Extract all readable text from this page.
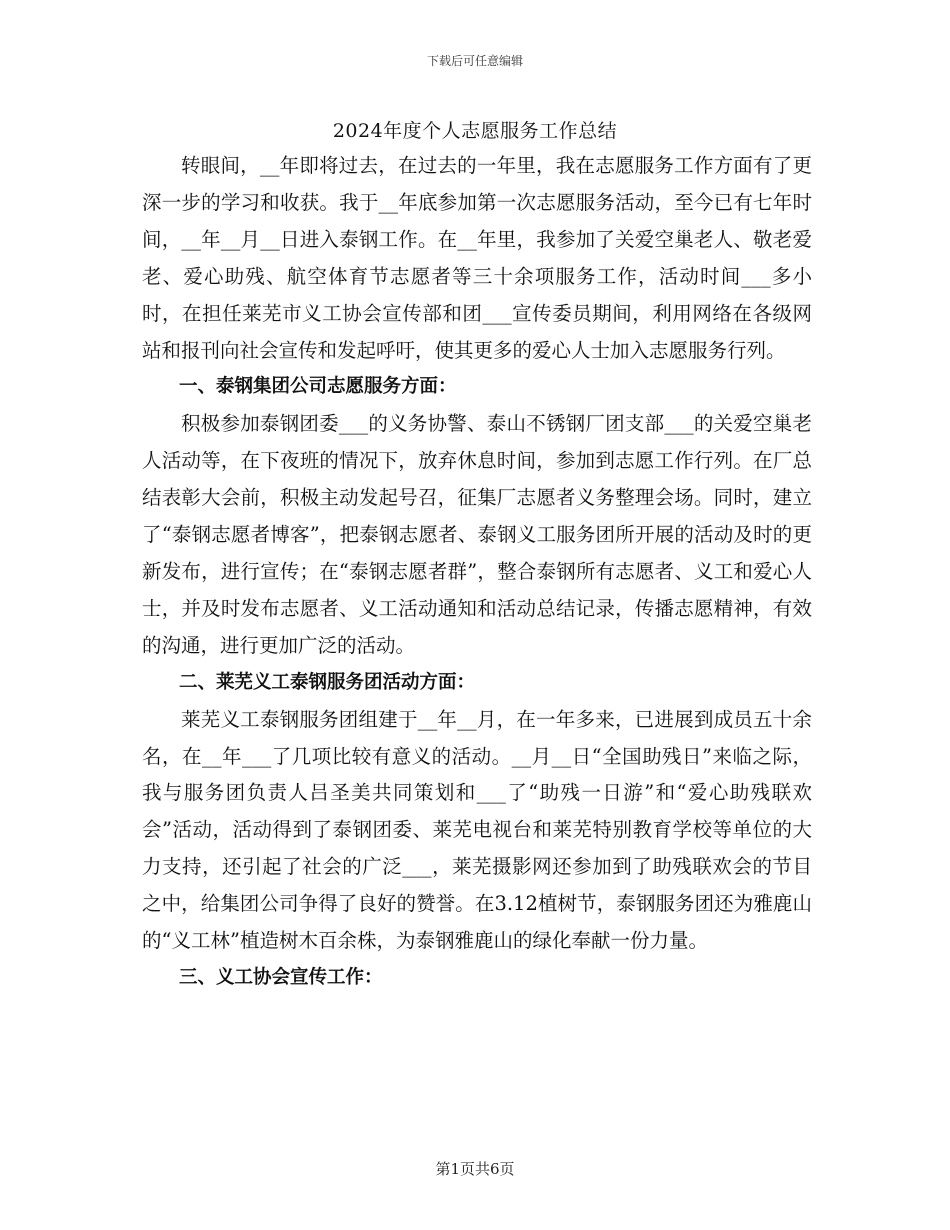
下载后可任意编辑
2024年度个人志愿服务工作总结

转眼间，__年即将过去，在过去的一年里，我在志愿服务工作方面有了更深一步的学习和收获。我于__年底参加第一次志愿服务活动，至今已有七年时间，__年__月__日进入泰钢工作。在__年里，我参加了关爱空巢老人、敬老爱老、爱心助残、航空体育节志愿者等三十余项服务工作，活动时间___多小时，在担任莱芜市义工协会宣传部和团___宣传委员期间，利用网络在各级网站和报刊向社会宣传和发起呼吁，使其更多的爱心人士加入志愿服务行列。

一、泰钢集团公司志愿服务方面：

积极参加泰钢团委___的义务协警、泰山不锈钢厂团支部___的关爱空巢老人活动等，在下夜班的情况下，放弃休息时间，参加到志愿工作行列。在厂总结表彰大会前，积极主动发起号召，征集厂志愿者义务整理会场。同时，建立了“泰钢志愿者博客”，把泰钢志愿者、泰钢义工服务团所开展的活动及时的更新发布，进行宣传；在“泰钢志愿者群”，整合泰钢所有志愿者、义工和爱心人士，并及时发布志愿者、义工活动通知和活动总结记录，传播志愿精神，有效的沟通，进行更加广泛的活动。

二、莱芜义工泰钢服务团活动方面：

莱芜义工泰钢服务团组建于__年__月，在一年多来，已进展到成员五十余名，在__年___了几项比较有意义的活动。__月__日“全国助残日”来临之际，我与服务团负责人吕圣美共同策划和___了“助残一日游”和“爱心助残联欢会”活动，活动得到了泰钢团委、莱芜电视台和莱芜特别教育学校等单位的大力支持，还引起了社会的广泛___，莱芜摄影网还参加到了助残联欢会的节目之中，给集团公司争得了良好的赞誉。在3.12植树节，泰钢服务团还为雅鹿山的“义工林”植造树木百余株，为泰钢雅鹿山的绿化奉献一份力量。

三、义工协会宣传工作：

第1页共6页
